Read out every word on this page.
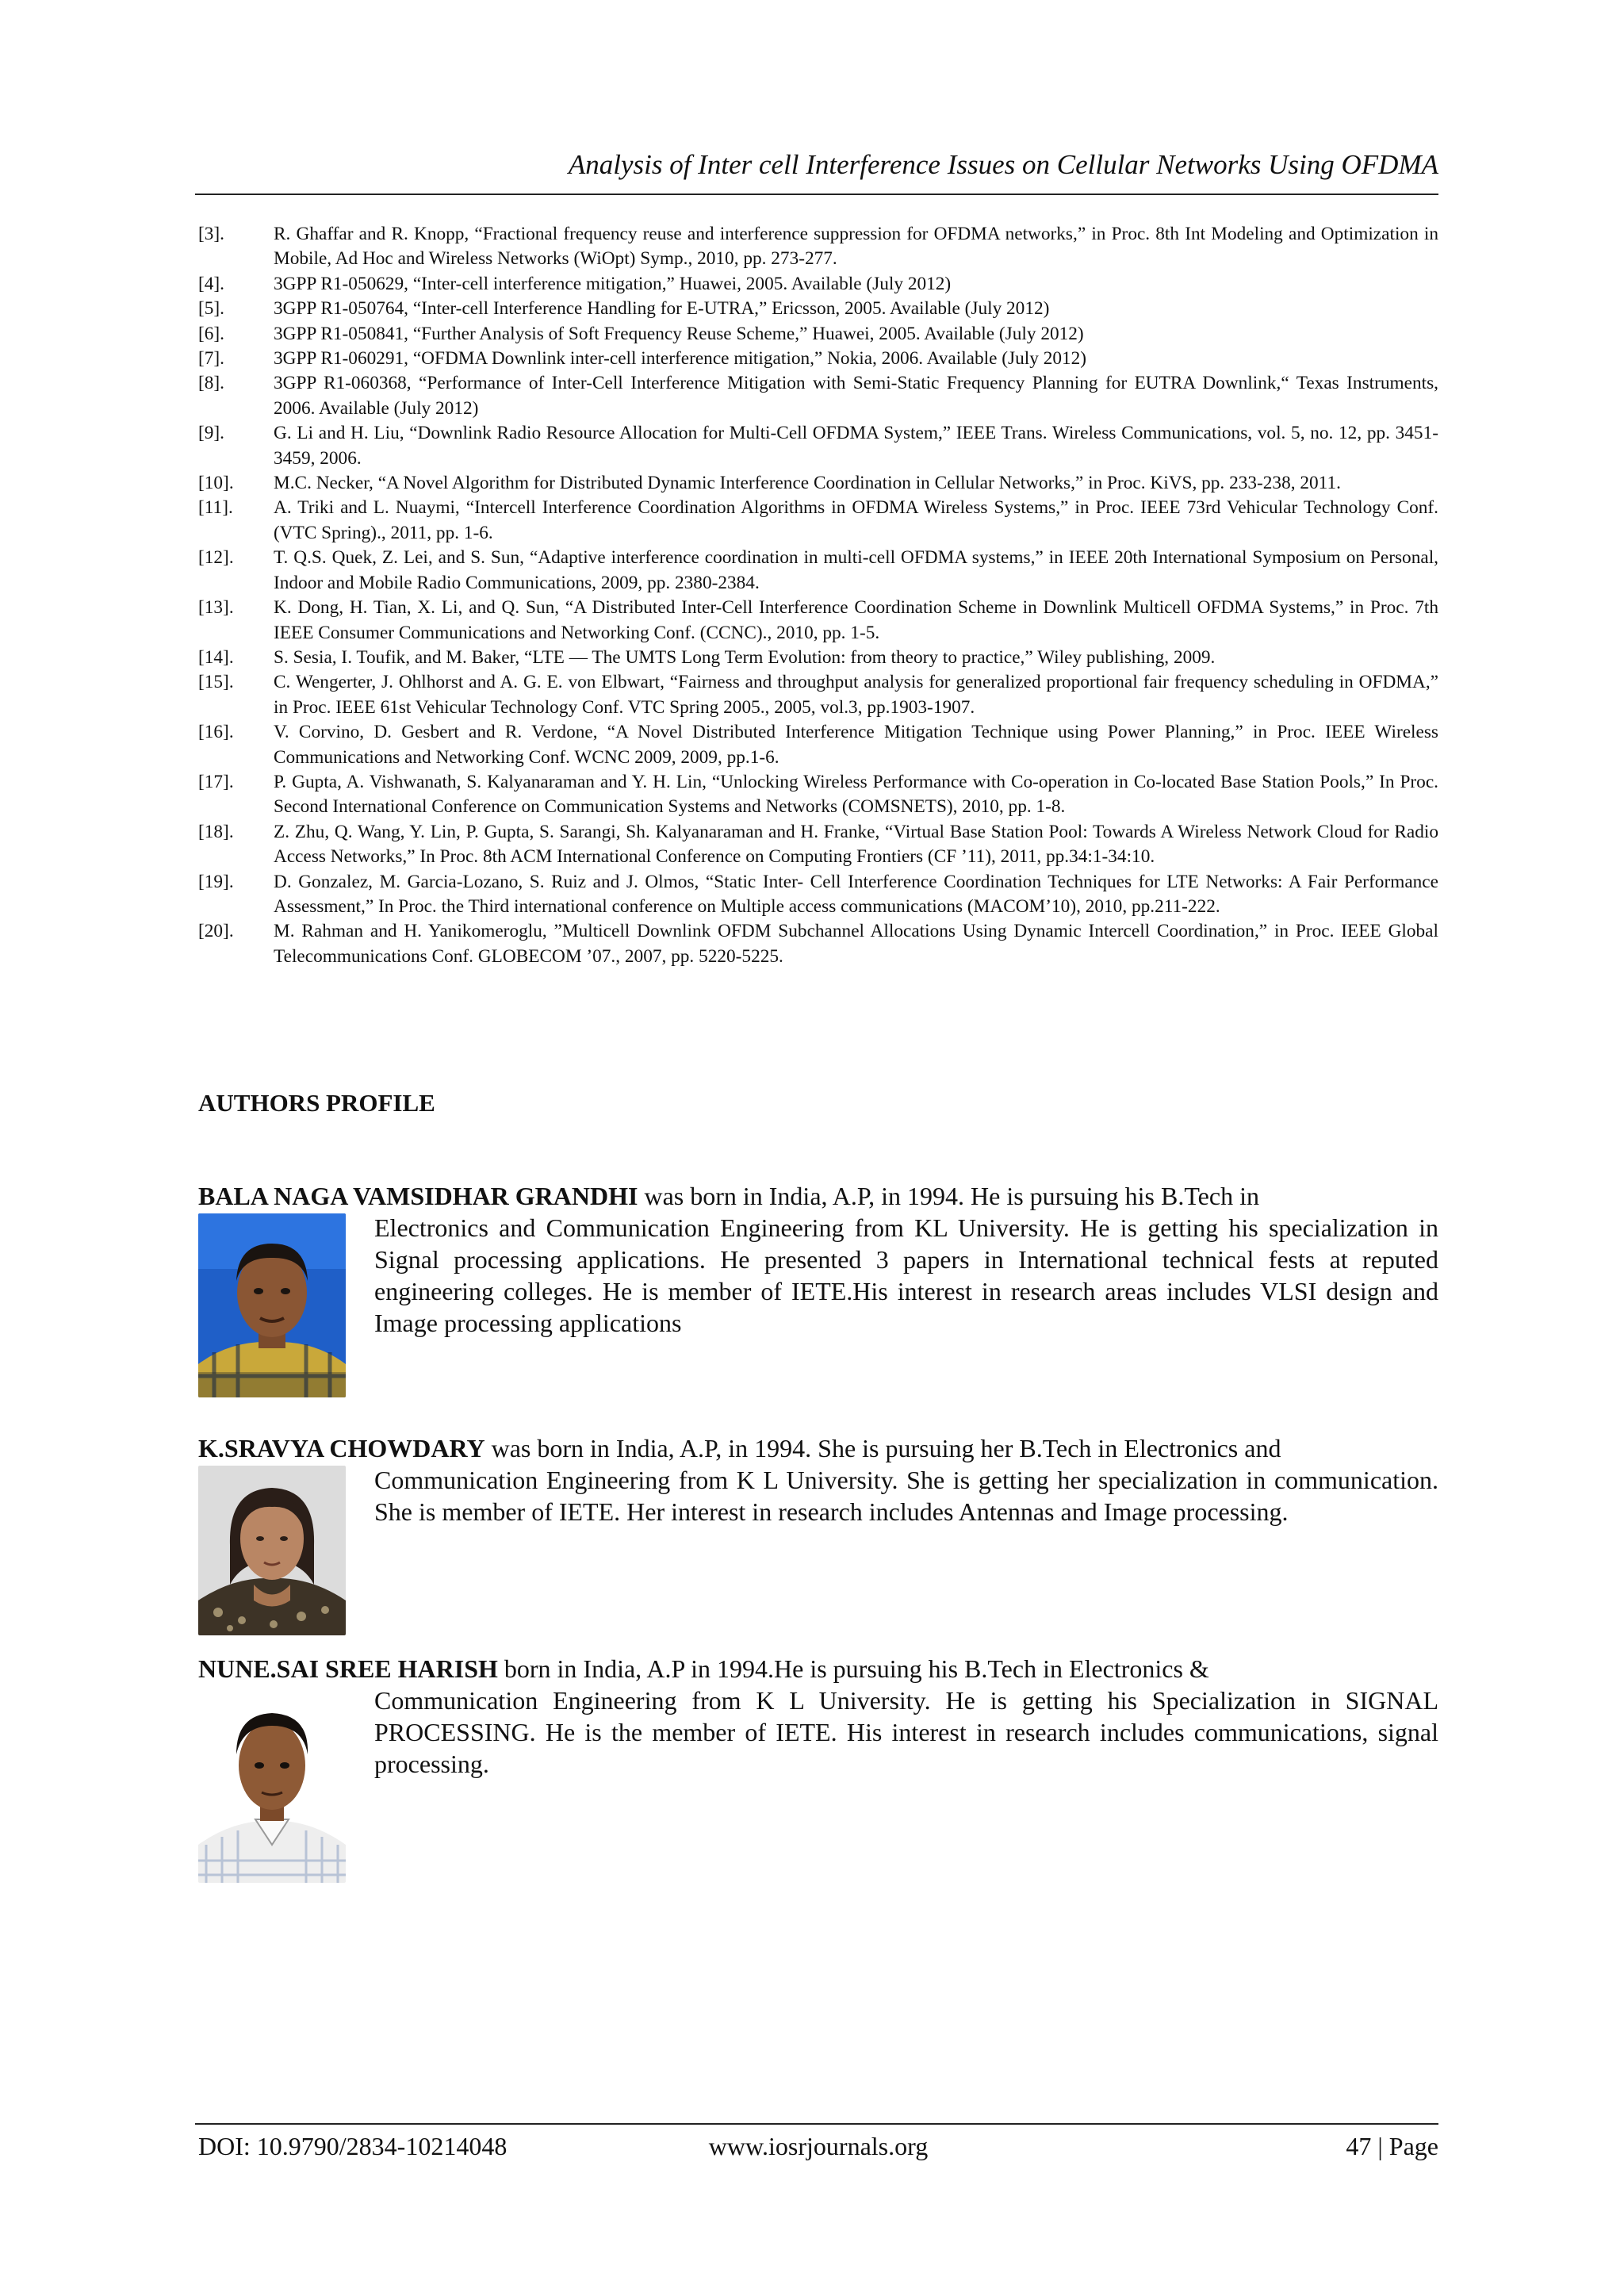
Analysis of Inter cell Interference Issues on Cellular Networks Using OFDMA
[3].	R. Ghaffar and R. Knopp, “Fractional frequency reuse and interference suppression for OFDMA networks,” in Proc. 8th Int Modeling and Optimization in Mobile, Ad Hoc and Wireless Networks (WiOpt) Symp., 2010, pp. 273-277.
[4].	3GPP R1-050629, “Inter-cell interference mitigation,” Huawei, 2005. Available (July 2012)
[5].	3GPP R1-050764, “Inter-cell Interference Handling for E-UTRA,” Ericsson, 2005. Available (July 2012)
[6].	3GPP R1-050841, “Further Analysis of Soft Frequency Reuse Scheme,” Huawei, 2005. Available (July 2012)
[7].	3GPP R1-060291, “OFDMA Downlink inter-cell interference mitigation,” Nokia, 2006. Available (July 2012)
[8].	3GPP R1-060368, “Performance of Inter-Cell Interference Mitigation with Semi-Static Frequency Planning for EUTRA Downlink,“ Texas Instruments, 2006. Available (July 2012)
[9].	G. Li and H. Liu, “Downlink Radio Resource Allocation for Multi-Cell OFDMA System,” IEEE Trans. Wireless Communications, vol. 5, no. 12, pp. 3451-3459, 2006.
[10].	M.C. Necker, “A Novel Algorithm for Distributed Dynamic Interference Coordination in Cellular Networks,” in Proc. KiVS, pp. 233-238, 2011.
[11].	A. Triki and L. Nuaymi, “Intercell Interference Coordination Algorithms in OFDMA Wireless Systems,” in Proc. IEEE 73rd Vehicular Technology Conf. (VTC Spring)., 2011, pp. 1-6.
[12].	T. Q.S. Quek, Z. Lei, and S. Sun, “Adaptive interference coordination in multi-cell OFDMA systems,” in IEEE 20th International Symposium on Personal, Indoor and Mobile Radio Communications, 2009, pp. 2380-2384.
[13].	K. Dong, H. Tian, X. Li, and Q. Sun, “A Distributed Inter-Cell Interference Coordination Scheme in Downlink Multicell OFDMA Systems,” in Proc. 7th IEEE Consumer Communications and Networking Conf. (CCNC)., 2010, pp. 1-5.
[14].	S. Sesia, I. Toufik, and M. Baker, “LTE — The UMTS Long Term Evolution: from theory to practice,” Wiley publishing, 2009.
[15].	C. Wengerter, J. Ohlhorst and A. G. E. von Elbwart, “Fairness and throughput analysis for generalized proportional fair frequency scheduling in OFDMA,” in Proc. IEEE 61st Vehicular Technology Conf. VTC Spring 2005., 2005, vol.3, pp.1903-1907.
[16].	V. Corvino, D. Gesbert and R. Verdone, “A Novel Distributed Interference Mitigation Technique using Power Planning,” in Proc. IEEE Wireless Communications and Networking Conf. WCNC 2009, 2009, pp.1-6.
[17].	P. Gupta, A. Vishwanath, S. Kalyanaraman and Y. H. Lin, “Unlocking Wireless Performance with Co-operation in Co-located Base Station Pools,” In Proc. Second International Conference on Communication Systems and Networks (COMSNETS), 2010, pp. 1-8.
[18].	Z. Zhu, Q. Wang, Y. Lin, P. Gupta, S. Sarangi, Sh. Kalyanaraman and H. Franke, “Virtual Base Station Pool: Towards A Wireless Network Cloud for Radio Access Networks,” In Proc. 8th ACM International Conference on Computing Frontiers (CF ’11), 2011, pp.34:1-34:10.
[19].	D. Gonzalez, M. Garcia-Lozano, S. Ruiz and J. Olmos, “Static Inter- Cell Interference Coordination Techniques for LTE Networks: A Fair Performance Assessment,” In Proc. the Third international conference on Multiple access communications (MACOM’10), 2010, pp.211-222.
[20].	M. Rahman and H. Yanikomeroglu, ”Multicell Downlink OFDM Subchannel Allocations Using Dynamic Intercell Coordination,” in Proc. IEEE Global Telecommunications Conf. GLOBECOM ’07., 2007, pp. 5220-5225.
AUTHORS PROFILE

BALA NAGA VAMSIDHAR GRANDHI was born in India, A.P, in 1994. He is pursuing his B.Tech in

Electronics and Communication Engineering from KL University. He is getting his specialization in Signal processing applications. He presented 3 papers in International technical fests at reputed engineering colleges. He is member of IETE.His interest in research areas includes VLSI design and Image processing applications

K.SRAVYA CHOWDARY was born in India, A.P, in 1994. She is pursuing her B.Tech in Electronics and

Communication Engineering from K L University. She is getting her specialization in communication. She is member of IETE. Her interest in research includes Antennas and Image processing.

NUNE.SAI SREE HARISH born in India, A.P in 1994.He is pursuing his B.Tech in Electronics &

Communication Engineering from K L University. He is getting his Specialization in SIGNAL PROCESSING. He is the member of IETE. His interest in research includes communications, signal processing.

DOI: 10.9790/2834-10214048	www.iosrjournals.org	47 | Page
